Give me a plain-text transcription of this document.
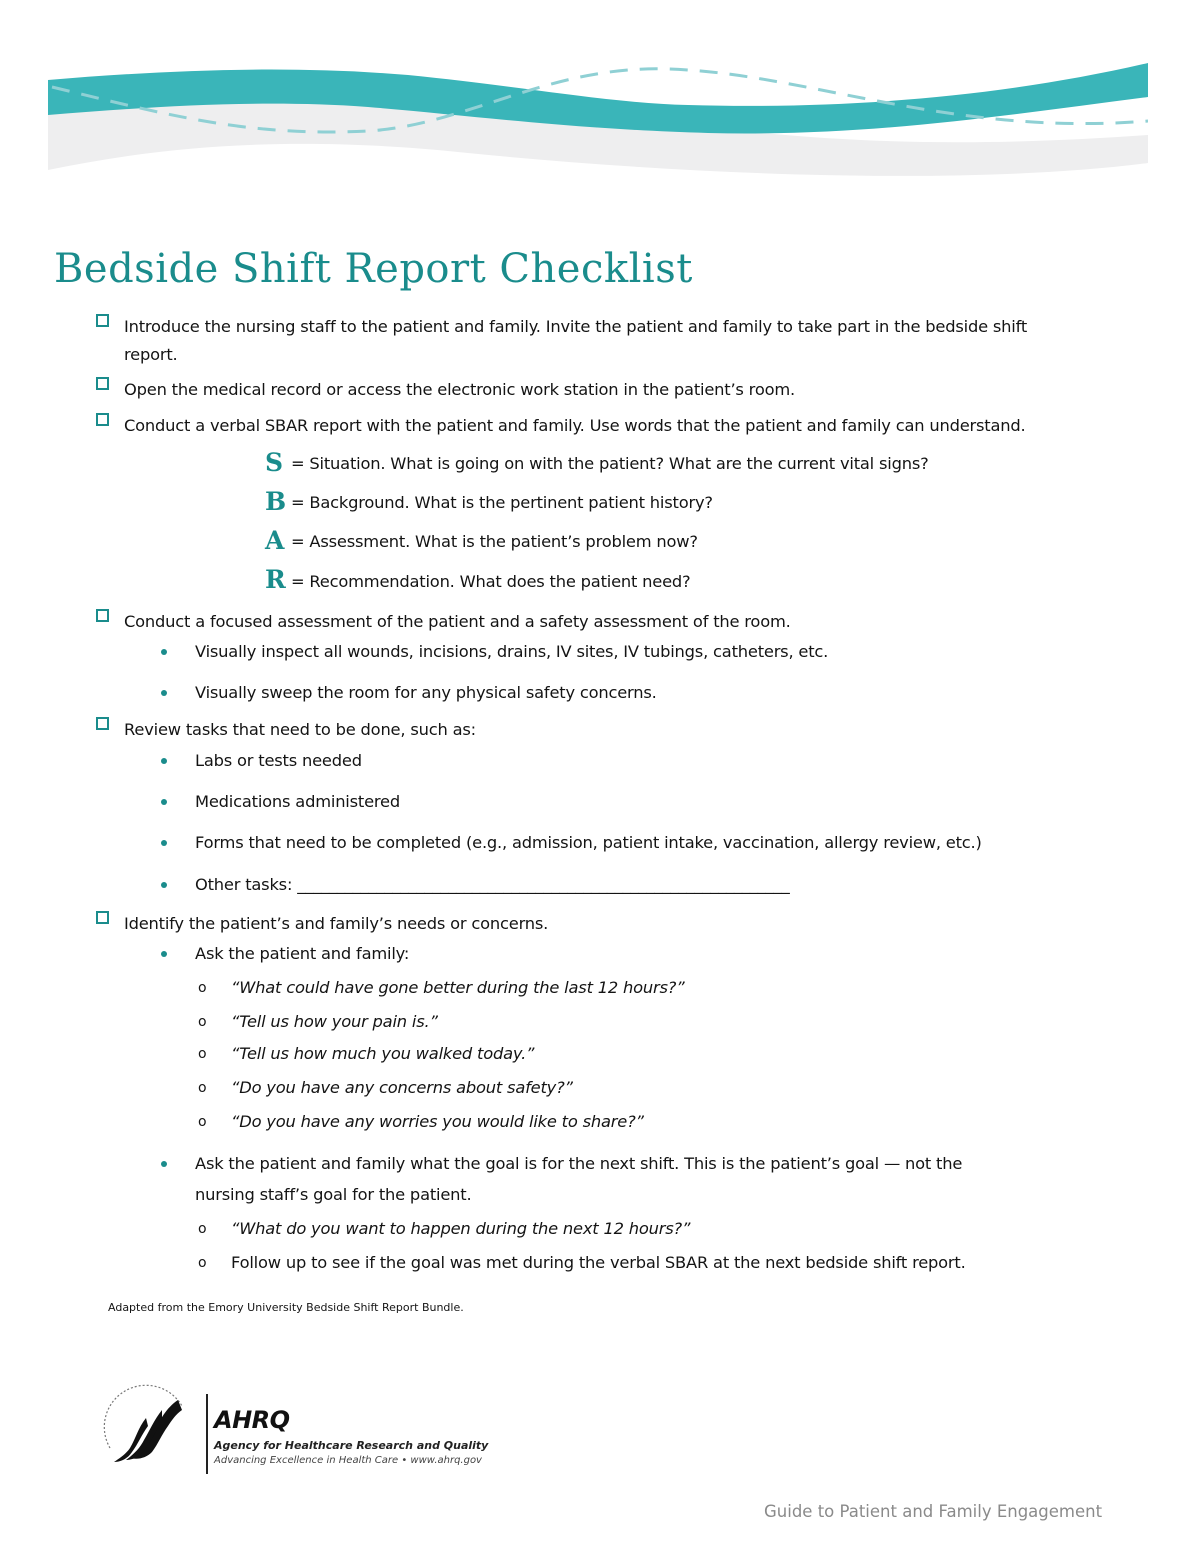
Bedside Shift Report Checklist
Introduce the nursing staff to the patient and family. Invite the patient and family to take part in the bedside shift
report.
Open the medical record or access the electronic work station in the patient’s room.
Conduct a verbal SBAR report with the patient and family. Use words that the patient and family can understand.
S = Situation. What is going on with the patient? What are the current vital signs?
B = Background. What is the pertinent patient history?
A = Assessment. What is the patient’s problem now?
R = Recommendation. What does the patient need?
Conduct a focused assessment of the patient and a safety assessment of the room.
Visually inspect all wounds, incisions, drains, IV sites, IV tubings, catheters, etc.
Visually sweep the room for any physical safety concerns.
Review tasks that need to be done, such as:
Labs or tests needed
Medications administered
Forms that need to be completed (e.g., admission, patient intake, vaccination, allergy review, etc.)
Other tasks: ______________________________________________________________
Identify the patient’s and family’s needs or concerns.
Ask the patient and family:
o “What could have gone better during the last 12 hours?”
o “Tell us how your pain is.”
o “Tell us how much you walked today.”
o “Do you have any concerns about safety?”
o “Do you have any worries you would like to share?”
Ask the patient and family what the goal is for the next shift. This is the patient’s goal — not the
nursing staff’s goal for the patient.
o “What do you want to happen during the next 12 hours?”
o Follow up to see if the goal was met during the verbal SBAR at the next bedside shift report.
Adapted from the Emory University Bedside Shift Report Bundle.
AHRQ
Agency for Healthcare Research and Quality
Advancing Excellence in Health Care • www.ahrq.gov
Guide to Patient and Family Engagement
